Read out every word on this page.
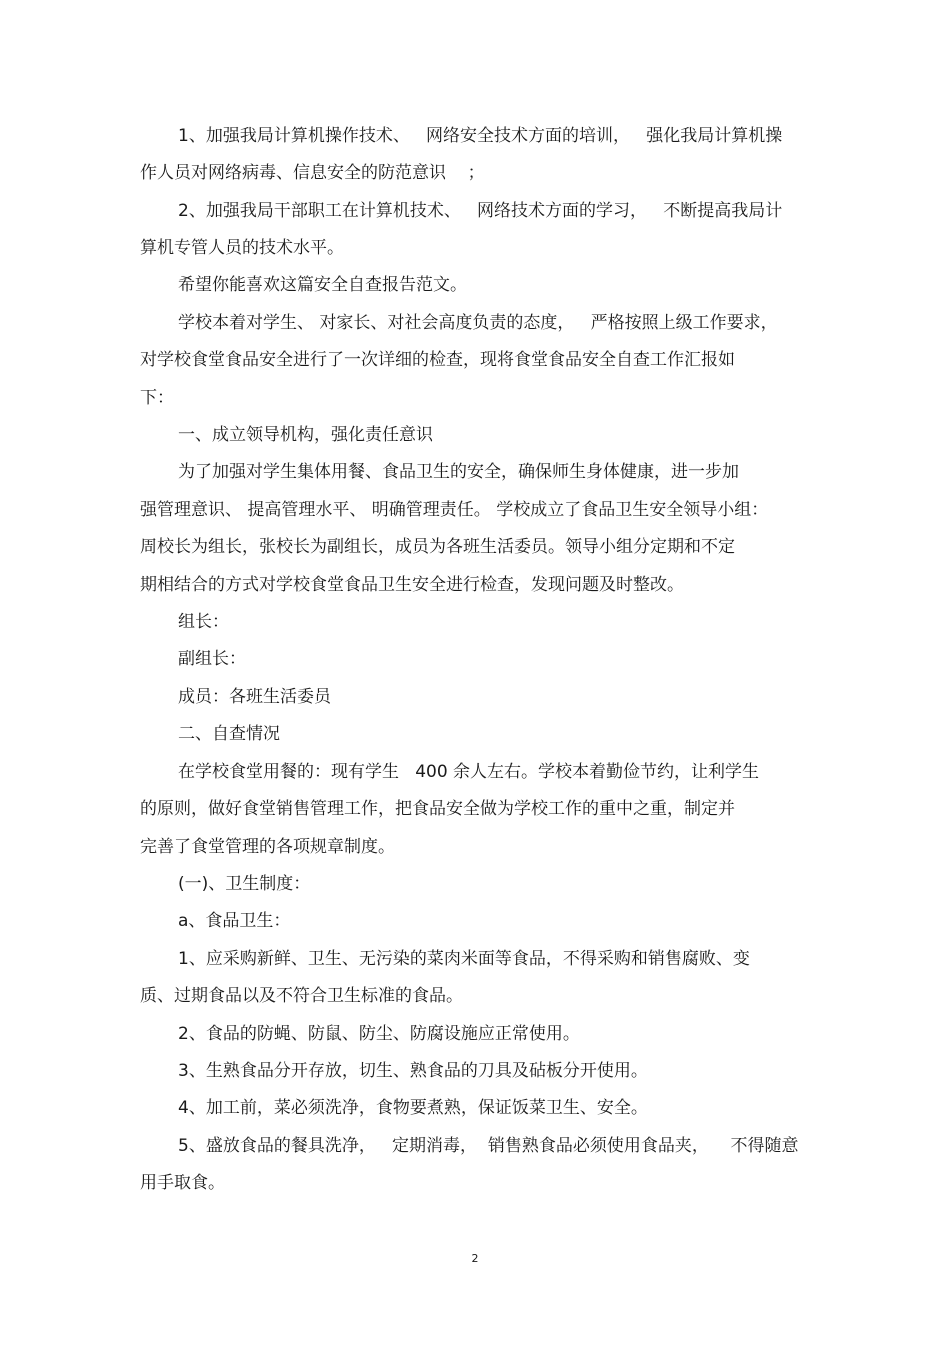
1、加强我局计算机操作技术、   网络安全技术方面的培训，   强化我局计算机操
作人员对网络病毒、信息安全的防范意识    ；
2、加强我局干部职工在计算机技术、   网络技术方面的学习，   不断提高我局计
算机专管人员的技术水平。
希望你能喜欢这篇安全自查报告范文。
学校本着对学生、 对家长、对社会高度负责的态度，   严格按照上级工作要求，
对学校食堂食品安全进行了一次详细的检查，现将食堂食品安全自查工作汇报如
下：
一、成立领导机构，强化责任意识
为了加强对学生集体用餐、食品卫生的安全，确保师生身体健康，进一步加
强管理意识、 提高管理水平、 明确管理责任。 学校成立了食品卫生安全领导小组：
周校长为组长，张校长为副组长，成员为各班生活委员。领导小组分定期和不定
期相结合的方式对学校食堂食品卫生安全进行检查，发现问题及时整改。
组长：
副组长：
成员：各班生活委员
二、自查情况
在学校食堂用餐的：现有学生   400 余人左右。学校本着勤俭节约，让利学生
的原则，做好食堂销售管理工作，把食品安全做为学校工作的重中之重，制定并
完善了食堂管理的各项规章制度。
(一)、卫生制度：
a、食品卫生：
1、应采购新鲜、卫生、无污染的菜肉米面等食品，不得采购和销售腐败、变
质、过期食品以及不符合卫生标准的食品。
2、食品的防蝇、防鼠、防尘、防腐设施应正常使用。
3、生熟食品分开存放，切生、熟食品的刀具及砧板分开使用。
4、加工前，菜必须洗净，食物要煮熟，保证饭菜卫生、安全。
5、盛放食品的餐具洗净，   定期消毒，  销售熟食品必须使用食品夹，    不得随意
用手取食。
2
